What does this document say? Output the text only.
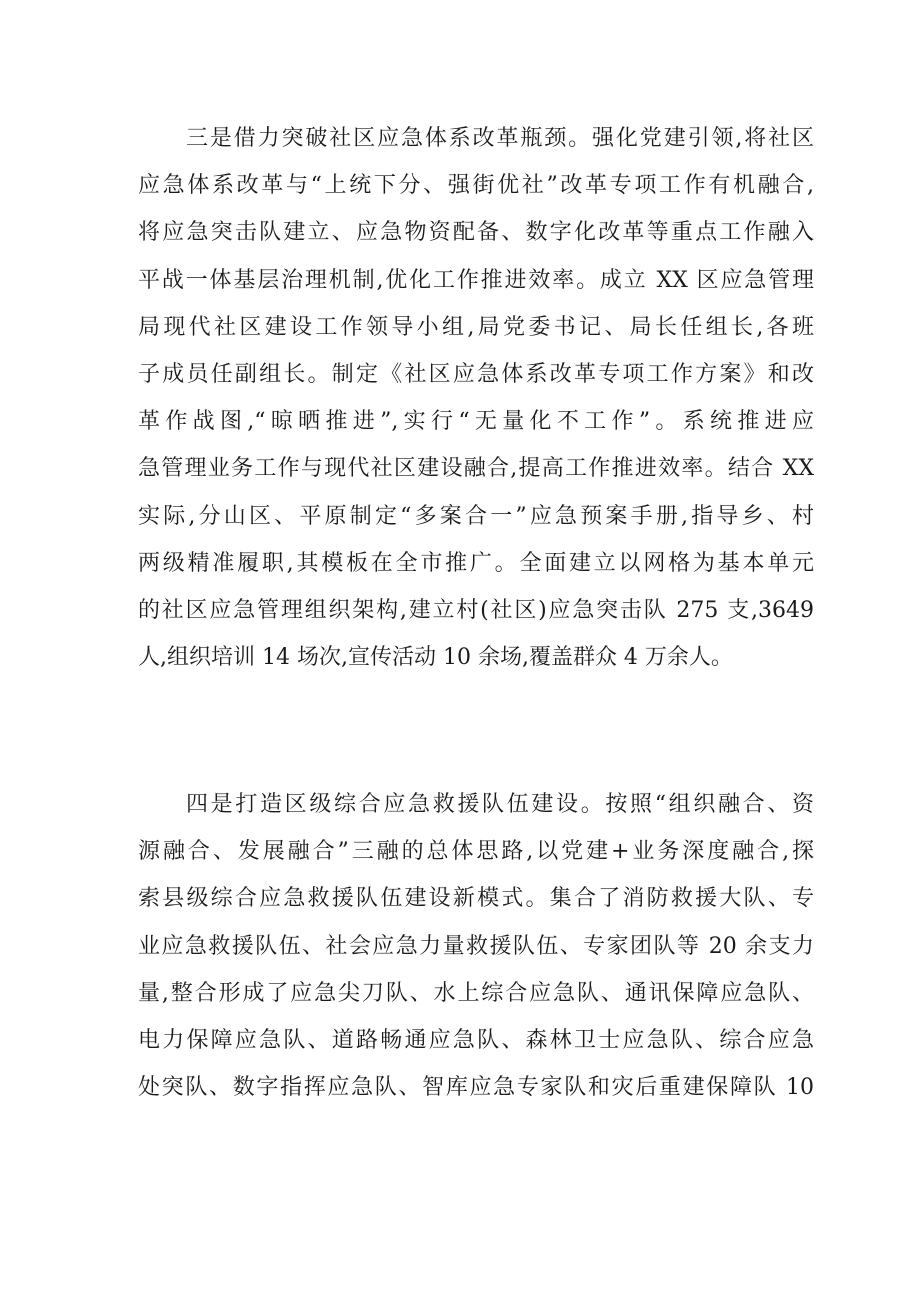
三是借力突破社区应急体系改革瓶颈。强化党建引领,将社区
应急体系改革与“上统下分、强街优社”改革专项工作有机融合,
将应急突击队建立、应急物资配备、数字化改革等重点工作融入
平战一体基层治理机制,优化工作推进效率。成立 XX 区应急管理
局现代社区建设工作领导小组,局党委书记、局长任组长,各班
子成员任副组长。制定《社区应急体系改革专项工作方案》和改
革作战图,“晾晒推进”,实行“无量化不工作”。系统推进应
急管理业务工作与现代社区建设融合,提高工作推进效率。结合 XX
实际,分山区、平原制定“多案合一”应急预案手册,指导乡、村
两级精准履职,其模板在全市推广。全面建立以网格为基本单元
的社区应急管理组织架构,建立村(社区)应急突击队 275 支,3649
人,组织培训 14 场次,宣传活动 10 余场,覆盖群众 4 万余人。
四是打造区级综合应急救援队伍建设。按照“组织融合、资
源融合、发展融合”三融的总体思路,以党建+业务深度融合,探
索县级综合应急救援队伍建设新模式。集合了消防救援大队、专
业应急救援队伍、社会应急力量救援队伍、专家团队等 20 余支力
量,整合形成了应急尖刀队、水上综合应急队、通讯保障应急队、
电力保障应急队、道路畅通应急队、森林卫士应急队、综合应急
处突队、数字指挥应急队、智库应急专家队和灾后重建保障队 10
